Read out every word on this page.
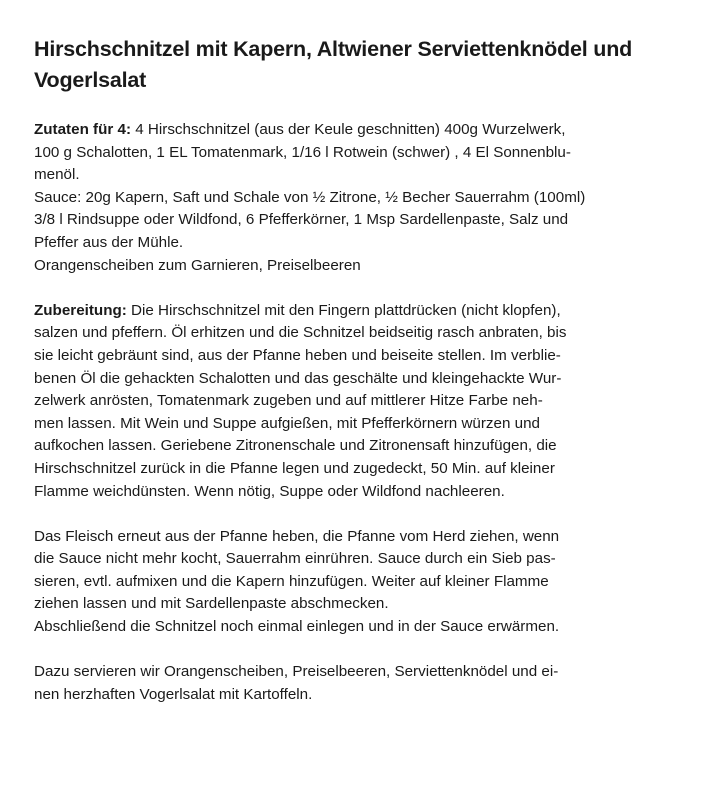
Hirschschnitzel mit Kapern, Altwiener Serviettenknödel und
Vogerlsalat
Zutaten für 4: 4 Hirschschnitzel (aus der Keule geschnitten) 400g Wurzelwerk,
100 g Schalotten, 1 EL Tomatenmark, 1/16 l Rotwein (schwer) , 4 El Sonnenblu-
menöl.
Sauce: 20g Kapern, Saft und Schale von ½ Zitrone, ½ Becher Sauerrahm (100ml)
3/8 l Rindsuppe oder Wildfond, 6 Pfefferkörner, 1 Msp Sardellenpaste, Salz und
Pfeffer aus der Mühle.
Orangenscheiben zum Garnieren, Preiselbeeren
Zubereitung: Die Hirschschnitzel mit den Fingern plattdrücken (nicht klopfen),
salzen und pfeffern. Öl erhitzen und die Schnitzel beidseitig rasch anbraten, bis
sie leicht gebräunt sind, aus der Pfanne heben und beiseite stellen. Im verblie-
benen Öl die gehackten Schalotten und das geschälte und kleingehackte Wur-
zelwerk anrösten, Tomatenmark zugeben und auf mittlerer Hitze Farbe neh-
men lassen. Mit Wein und Suppe aufgießen, mit Pfefferkörnern würzen und
aufkochen lassen. Geriebene Zitronenschale und Zitronensaft hinzufügen, die
Hirschschnitzel zurück in die Pfanne legen und zugedeckt, 50 Min. auf kleiner
Flamme weichdünsten. Wenn nötig, Suppe oder Wildfond nachleeren.
Das Fleisch erneut aus der Pfanne heben, die Pfanne vom Herd ziehen, wenn
die Sauce nicht mehr kocht, Sauerrahm einrühren. Sauce durch ein Sieb pas-
sieren, evtl. aufmixen und die Kapern hinzufügen. Weiter auf kleiner Flamme
ziehen lassen und mit Sardellenpaste abschmecken.
Abschließend die Schnitzel noch einmal einlegen und in der Sauce erwärmen.
Dazu servieren wir Orangenscheiben, Preiselbeeren, Serviettenknödel und ei-
nen herzhaften Vogerlsalat mit Kartoffeln.
